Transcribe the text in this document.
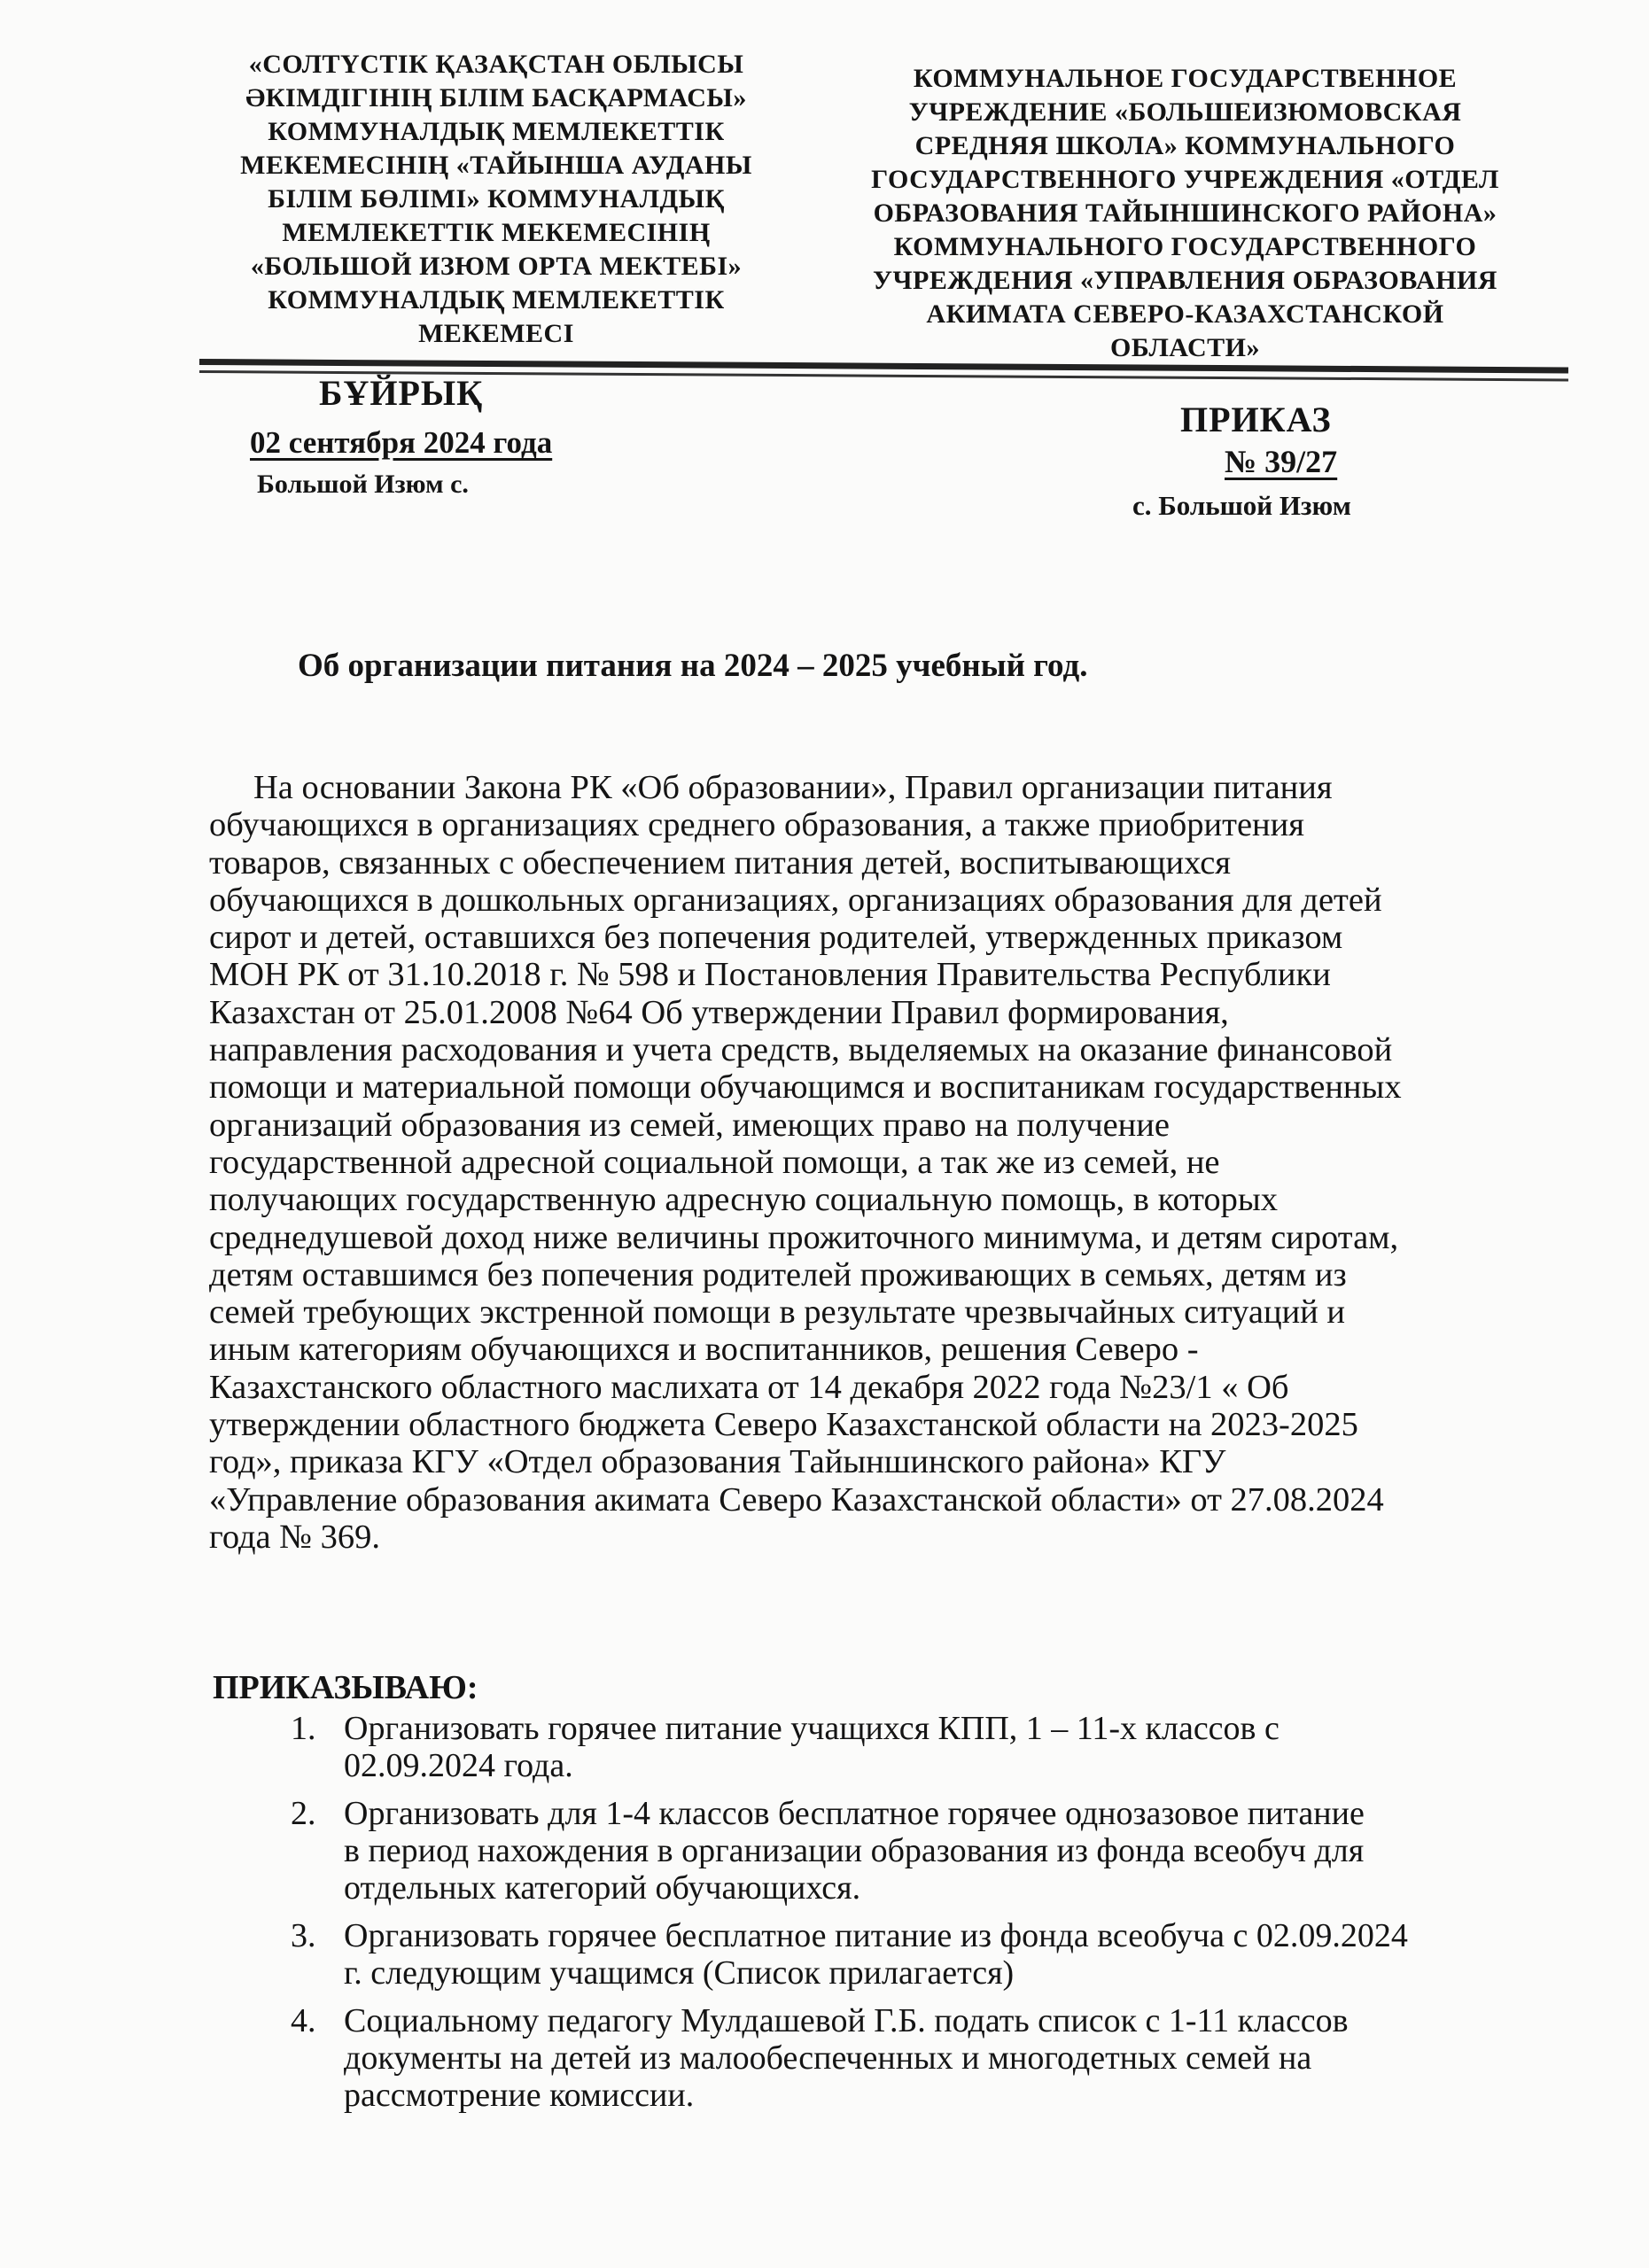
«СОЛТҮСТІК ҚАЗАҚСТАН ОБЛЫСЫ
ӘКІМДІГІНІҢ БІЛІМ БАСҚАРМАСЫ»
КОММУНАЛДЫҚ МЕМЛЕКЕТТІК
МЕКЕМЕСІНІҢ «ТАЙЫНША АУДАНЫ
БІЛІМ БӨЛІМІ» КОММУНАЛДЫҚ
МЕМЛЕКЕТТІК МЕКЕМЕСІНІҢ
«БОЛЬШОЙ ИЗЮМ ОРТА МЕКТЕБІ»
КОММУНАЛДЫҚ МЕМЛЕКЕТТІК
МЕКЕМЕСІ
КОММУНАЛЬНОЕ ГОСУДАРСТВЕННОЕ
УЧРЕЖДЕНИЕ «БОЛЬШЕИЗЮМОВСКАЯ
СРЕДНЯЯ ШКОЛА» КОММУНАЛЬНОГО
ГОСУДАРСТВЕННОГО УЧРЕЖДЕНИЯ «ОТДЕЛ
ОБРАЗОВАНИЯ ТАЙЫНШИНСКОГО РАЙОНА»
КОММУНАЛЬНОГО ГОСУДАРСТВЕННОГО
УЧРЕЖДЕНИЯ «УПРАВЛЕНИЯ ОБРАЗОВАНИЯ
АКИМАТА СЕВЕРО-КАЗАХСТАНСКОЙ
ОБЛАСТИ»
БҰЙРЫҚ
02 сентября 2024 года
Большой Изюм с.
ПРИКАЗ
№ 39/27
с. Большой Изюм
Об организации питания на 2024 – 2025 учебный год.
На основании Закона РК «Об образовании», Правил организации питания
обучающихся в организациях среднего образования, а также приобритения
товаров, связанных с обеспечением питания детей, воспитывающихся
обучающихся в дошкольных организациях, организациях образования для детей
сирот и детей, оставшихся без попечения родителей, утвержденных приказом
МОН РК от 31.10.2018 г. № 598 и Постановления Правительства Республики
Казахстан от 25.01.2008 №64 Об утверждении Правил формирования,
направления расходования и учета средств, выделяемых на оказание финансовой
помощи и материальной помощи обучающимся и воспитаникам государственных
организаций образования из семей, имеющих право на получение
государственной адресной социальной помощи, а так же из семей, не
получающих государственную адресную социальную помощь, в которых
среднедушевой доход ниже величины прожиточного минимума, и детям сиротам,
детям оставшимся без попечения родителей проживающих в семьях, детям из
семей требующих экстренной помощи в результате чрезвычайных ситуаций и
иным категориям обучающихся и воспитанников, решения Северо -
Казахстанского областного маслихата от 14 декабря 2022 года №23/1 « Об
утверждении областного бюджета Северо Казахстанской области на 2023-2025
год», приказа КГУ «Отдел образования Тайыншинского района» КГУ
«Управление образования акимата Северо Казахстанской области» от 27.08.2024
года № 369.
ПРИКАЗЫВАЮ:
1. Организовать горячее питание учащихся КПП, 1 – 11-х классов с
02.09.2024 года.
2. Организовать для 1-4 классов бесплатное горячее однозазовое питание
в период нахождения в организации образования из фонда всеобуч для
отдельных категорий обучающихся.
3. Организовать горячее бесплатное питание из фонда всеобуча с 02.09.2024
г. следующим учащимся (Список прилагается)
4. Социальному педагогу Мулдашевой Г.Б. подать список с 1-11 классов
документы на детей из малообеспеченных и многодетных семей на
рассмотрение комиссии.
